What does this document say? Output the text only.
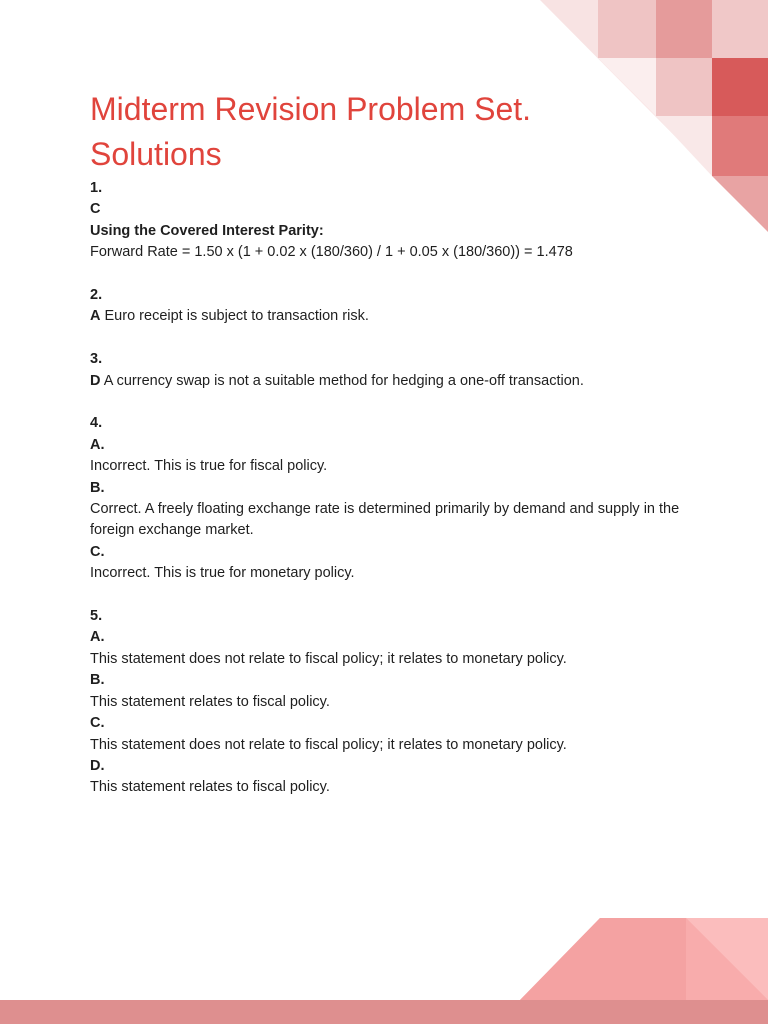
Midterm Revision Problem Set.
Solutions
1.
C
Using the Covered Interest Parity:
Forward Rate = 1.50 x (1 + 0.02 x (180/360) / 1 + 0.05 x (180/360)) = 1.478
2.
A Euro receipt is subject to transaction risk.
3.
D A currency swap is not a suitable method for hedging a one-off transaction.
4.
A.
Incorrect. This is true for fiscal policy.
B.
Correct. A freely floating exchange rate is determined primarily by demand and supply in the foreign exchange market.
C.
Incorrect. This is true for monetary policy.
5.
A.
This statement does not relate to fiscal policy; it relates to monetary policy.
B.
This statement relates to fiscal policy.
C.
This statement does not relate to fiscal policy; it relates to monetary policy.
D.
This statement relates to fiscal policy.
